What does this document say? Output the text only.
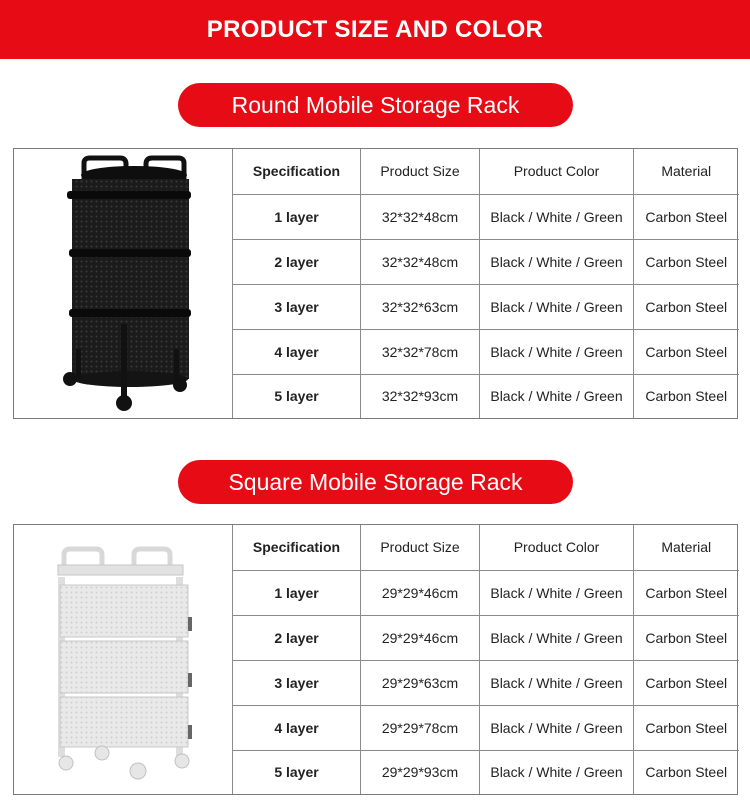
PRODUCT SIZE AND COLOR
Round Mobile Storage Rack
Specification	Product Size	Product Color	Material
1 layer	32*32*48cm	Black / White / Green	Carbon Steel
2 layer	32*32*48cm	Black / White / Green	Carbon Steel
3 layer	32*32*63cm	Black / White / Green	Carbon Steel
4 layer	32*32*78cm	Black / White / Green	Carbon Steel
5 layer	32*32*93cm	Black / White / Green	Carbon Steel
Square Mobile Storage Rack
Specification	Product Size	Product Color	Material
1 layer	29*29*46cm	Black / White / Green	Carbon Steel
2 layer	29*29*46cm	Black / White / Green	Carbon Steel
3 layer	29*29*63cm	Black / White / Green	Carbon Steel
4 layer	29*29*78cm	Black / White / Green	Carbon Steel
5 layer	29*29*93cm	Black / White / Green	Carbon Steel
